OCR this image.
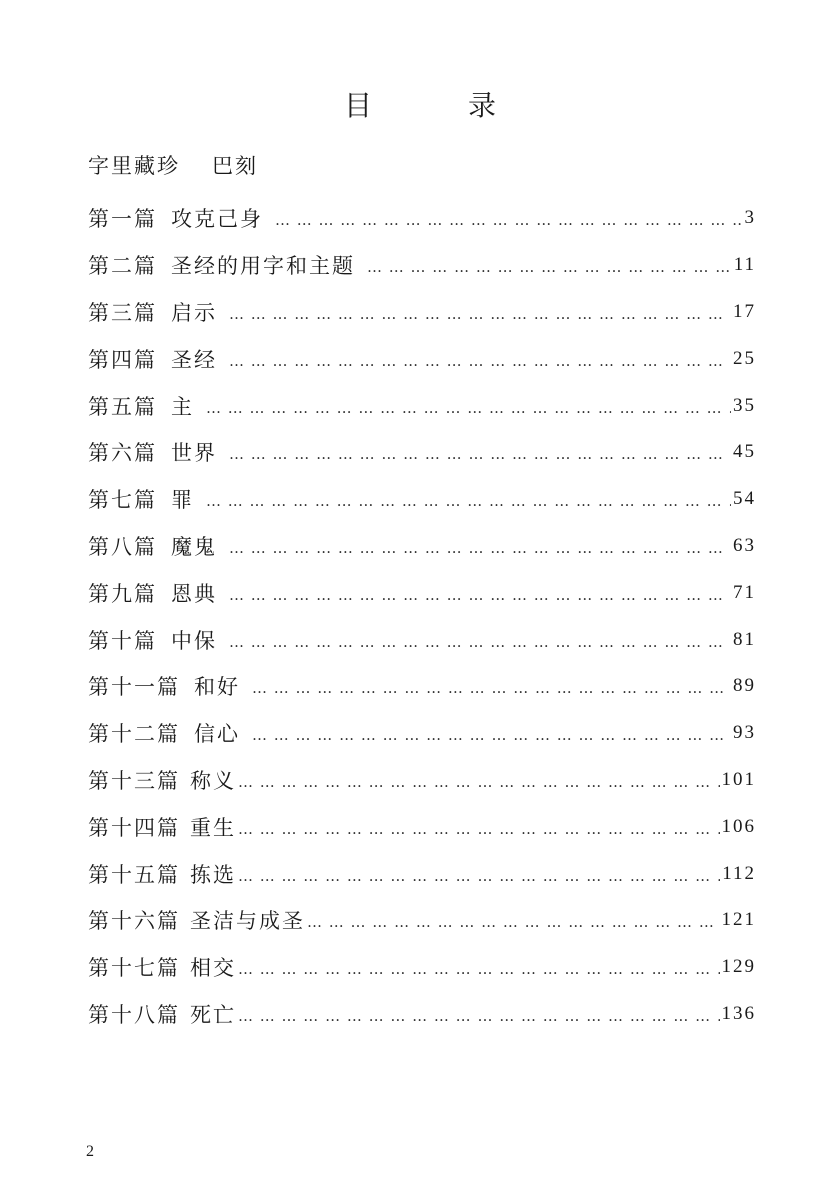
目	录
字里藏珍 巴刻
第一篇 攻克己身 … … … … … … … … … … … … … … … … … … … … … … … … … … … … … … … … … … … … … … … …	3
第二篇 圣经的用字和主题 … … … … … … … … … … … … … … … … … … … … … … … … … … … … … … … … … … … … … … … …	11
第三篇 启示 … … … … … … … … … … … … … … … … … … … … … … … … … … … … … … … … … … … … … … … …	17
第四篇 圣经 … … … … … … … … … … … … … … … … … … … … … … … … … … … … … … … … … … … … … … … …	25
第五篇 主 … … … … … … … … … … … … … … … … … … … … … … … … … … … … … … … … … … … … … … … …	35
第六篇 世界 … … … … … … … … … … … … … … … … … … … … … … … … … … … … … … … … … … … … … … … …	45
第七篇 罪 … … … … … … … … … … … … … … … … … … … … … … … … … … … … … … … … … … … … … … … …	54
第八篇 魔鬼 … … … … … … … … … … … … … … … … … … … … … … … … … … … … … … … … … … … … … … … …	63
第九篇 恩典 … … … … … … … … … … … … … … … … … … … … … … … … … … … … … … … … … … … … … … … …	71
第十篇 中保 … … … … … … … … … … … … … … … … … … … … … … … … … … … … … … … … … … … … … … … …	81
第十一篇 和好 … … … … … … … … … … … … … … … … … … … … … … … … … … … … … … … … … … … … … … … …	89
第十二篇 信心 … … … … … … … … … … … … … … … … … … … … … … … … … … … … … … … … … … … … … … … …	93
第十三篇 称义 … … … … … … … … … … … … … … … … … … … … … … … … … … … … … … … … … … … … … … … …	101
第十四篇 重生 … … … … … … … … … … … … … … … … … … … … … … … … … … … … … … … … … … … … … … … …	106
第十五篇 拣选 … … … … … … … … … … … … … … … … … … … … … … … … … … … … … … … … … … … … … … … …	112
第十六篇 圣洁与成圣 … … … … … … … … … … … … … … … … … … … … … … … … … … … … … … … … … … … … … … … …	121
第十七篇 相交 … … … … … … … … … … … … … … … … … … … … … … … … … … … … … … … … … … … … … … … …	129
第十八篇 死亡 … … … … … … … … … … … … … … … … … … … … … … … … … … … … … … … … … … … … … … … …	136
2
